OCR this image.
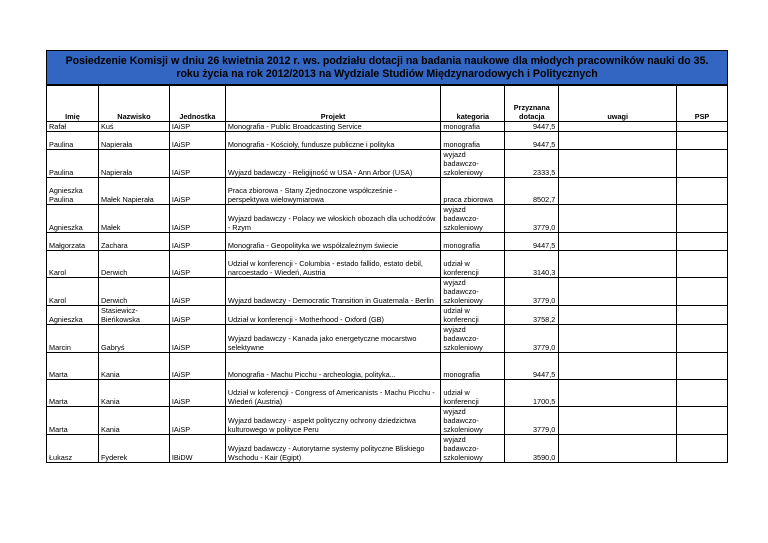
Posiedzenie Komisji w dniu 26 kwietnia 2012 r. ws. podziału dotacji na badania naukowe dla młodych pracowników nauki do 35.
roku życia na rok 2012/2013 na Wydziale Studiów Międzynarodowych i Politycznych
Imię	Nazwisko	Jednostka	Projekt	kategoria	Przyznana dotacja	uwagi	PSP
Rafał	Kuś	IAiSP	Monografia - Public Broadcasting Service	monografia	9447,5		
Paulina	Napierała	IAiSP	Monografia - Kościoły, fundusze publiczne i polityka	monografia	9447,5		
Paulina	Napierała	IAiSP	Wyjazd badawczy - Religijność w USA - Ann Arbor (USA)	wyjazd badawczo-szkoleniowy	2333,5		
Agnieszka Paulina	Małek Napierała	IAiSP	Praca zbiorowa - Stany Zjednoczone współcześnie - perspektywa wielowymiarowa	praca zbiorowa	8502,7		
Agnieszka	Małek	IAiSP	Wyjazd badawczy - Polacy we włoskich obozach dla uchodźców - Rzym	wyjazd badawczo-szkoleniowy	3779,0		
Małgorzata	Zachara	IAiSP	Monografia - Geopolityka we współzależnym świecie	monografia	9447,5		
Karol	Derwich	IAiSP	Udział w konferencji - Columbia - estado fallido, estato debil, narcoestado - Wiedeń, Austria	udział w konferencji	3140,3		
Karol	Derwich	IAiSP	Wyjazd badawczy - Democratic Transition in Guatemala - Berlin	wyjazd badawczo-szkoleniowy	3779,0		
Agnieszka	Stasiewicz-Bieńkowska	IAiSP	Udział w konferencji - Motherhood - Oxford (GB)	udział w konferencji	3758,2		
Marcin	Gabryś	IAiSP	Wyjazd badawczy - Kanada jako energetyczne mocarstwo selektywne	wyjazd badawczo-szkoleniowy	3779,0		
Marta	Kania	IAiSP	Monografia - Machu Picchu - archeologia, polityka...	monografia	9447,5		
Marta	Kania	IAiSP	Udział w koferencji - Congress of Americanists - Machu Picchu - Wiedeń (Austria)	udział w konferencji	1700,5		
Marta	Kania	IAiSP	Wyjazd badawczy - aspekt polityczny ochrony dziedzictwa kulturowego w polityce Peru	wyjazd badawczo-szkoleniowy	3779,0		
Łukasz	Fyderek	IBiDW	Wyjazd badawczy - Autorytarne systemy polityczne Bliskiego Wschodu - Kair (Egipt)	wyjazd badawczo-szkoleniowy	3590,0		
